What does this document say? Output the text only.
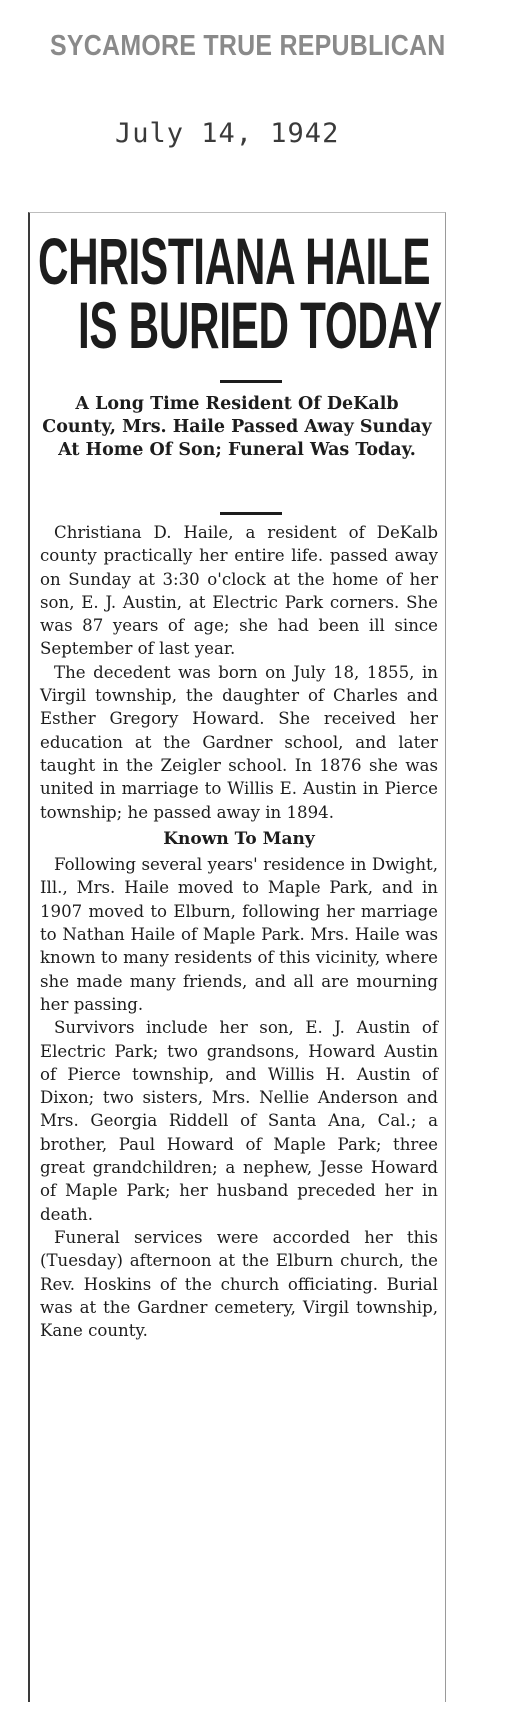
SYCAMORE TRUE REPUBLICAN
July 14, 1942
CHRISTIANA HAILE
IS BURIED TODAY
A Long Time Resident Of DeKalb County, Mrs. Haile Passed Away Sunday At Home Of Son; Funeral Was Today.

Christiana D. Haile, a resident of DeKalb county practically her entire life. passed away on Sunday at 3:30 o'clock at the home of her son, E. J. Austin, at Electric Park corners. She was 87 years of age; she had been ill since September of last year.

The decedent was born on July 18, 1855, in Virgil township, the daughter of Charles and Esther Gregory Howard. She received her education at the Gardner school, and later taught in the Zeigler school. In 1876 she was united in marriage to Willis E. Austin in Pierce township; he passed away in 1894.

Known To Many

Following several years' residence in Dwight, Ill., Mrs. Haile moved to Maple Park, and in 1907 moved to Elburn, following her marriage to Nathan Haile of Maple Park. Mrs. Haile was known to many residents of this vicinity, where she made many friends, and all are mourning her passing.

Survivors include her son, E. J. Austin of Electric Park; two grandsons, Howard Austin of Pierce township, and Willis H. Austin of Dixon; two sisters, Mrs. Nellie Anderson and Mrs. Georgia Riddell of Santa Ana, Cal.; a brother, Paul Howard of Maple Park; three great grandchildren; a nephew, Jesse Howard of Maple Park; her husband preceded her in death.

Funeral services were accorded her this (Tuesday) afternoon at the Elburn church, the Rev. Hoskins of the church officiating. Burial was at the Gardner cemetery, Virgil township, Kane county.
